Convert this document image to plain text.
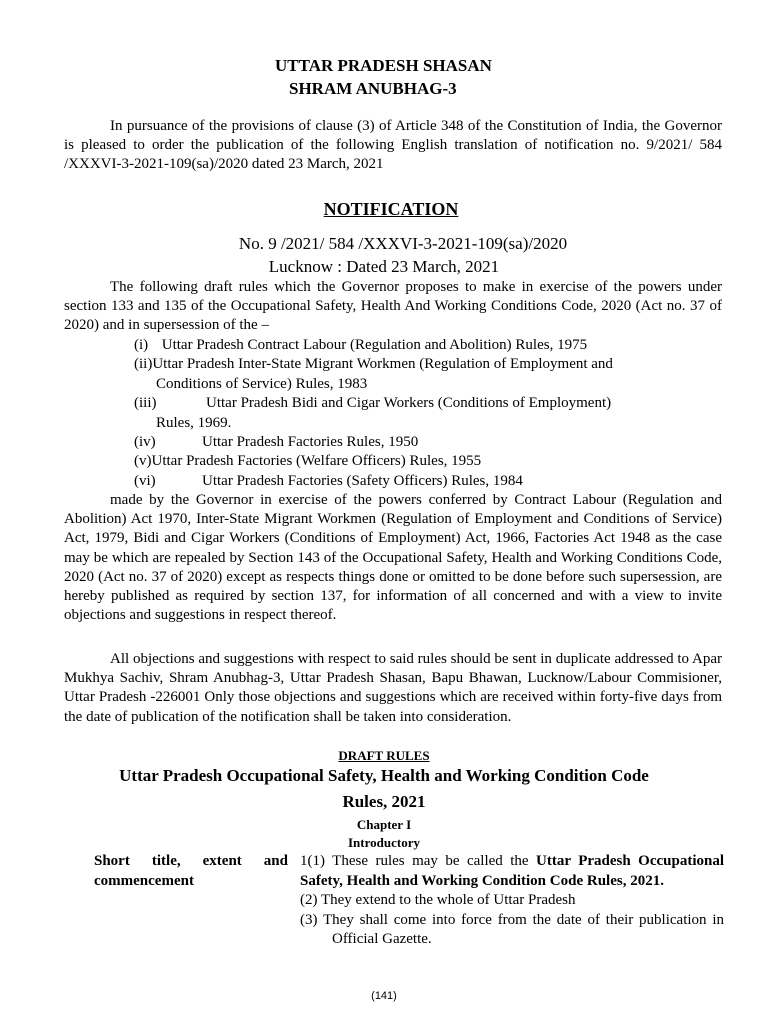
UTTAR PRADESH SHASAN
SHRAM ANUBHAG-3

In pursuance of the provisions of clause (3) of Article 348 of the Constitution of India, the Governor is pleased to order the publication of the following English translation of notification no. 9/2021/ 584 /XXXVI-3-2021-109(sa)/2020 dated 23 March, 2021

NOTIFICATION
No. 9 /2021/ 584 /XXXVI-3-2021-109(sa)/2020
Lucknow : Dated 23 March, 2021

The following draft rules which the Governor proposes to make in exercise of the powers under section 133 and 135 of the Occupational Safety, Health And Working Conditions Code, 2020 (Act no. 37 of 2020) and in supersession of the –

(i) Uttar Pradesh Contract Labour (Regulation and Abolition) Rules, 1975
(ii)Uttar Pradesh Inter-State Migrant Workmen (Regulation of Employment and
Conditions of Service) Rules, 1983
(iii)	Uttar Pradesh Bidi and Cigar Workers (Conditions of Employment)
Rules, 1969.
(iv)	Uttar Pradesh Factories Rules, 1950
(v)Uttar Pradesh Factories (Welfare Officers) Rules, 1955
(vi)	Uttar Pradesh Factories (Safety Officers) Rules, 1984

made by the Governor in exercise of the powers conferred by Contract Labour (Regulation and Abolition) Act 1970, Inter-State Migrant Workmen (Regulation of Employment and Conditions of Service) Act, 1979, Bidi and Cigar Workers (Conditions of Employment) Act, 1966, Factories Act 1948 as the case may be which are repealed by Section 143 of the Occupational Safety, Health and Working Conditions Code, 2020 (Act no. 37 of 2020) except as respects things done or omitted to be done before such supersession, are hereby published as required by section 137, for information of all concerned and with a view to invite objections and suggestions in respect thereof.

All objections and suggestions with respect to said rules should be sent in duplicate addressed to Apar Mukhya Sachiv, Shram Anubhag-3, Uttar Pradesh Shasan, Bapu Bhawan, Lucknow/Labour Commisioner, Uttar Pradesh -226001 Only those objections and suggestions which are received within forty-five days from the date of publication of the notification shall be taken into consideration.

DRAFT RULES
Uttar Pradesh Occupational Safety, Health and Working Condition Code
Rules, 2021
Chapter I
Introductory
Short title, extent and commencement
1(1) These rules may be called the Uttar Pradesh Occupational Safety, Health and Working Condition Code Rules, 2021.
(2) They extend to the whole of Uttar Pradesh
(3) They shall come into force from the date of their publication in Official Gazette.
(141)
